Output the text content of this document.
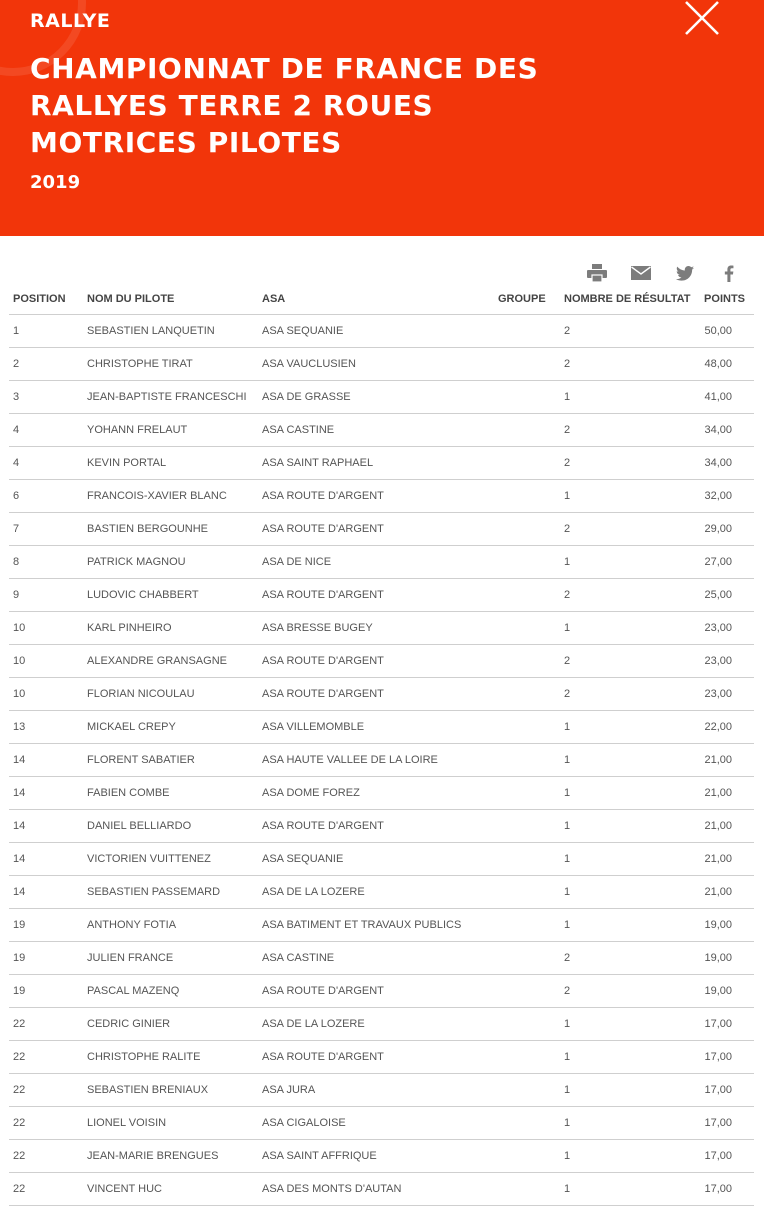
RALLYE
CHAMPIONNAT DE FRANCE DES RALLYES TERRE 2 ROUES MOTRICES PILOTES
2019
POSITION	NOM DU PILOTE	ASA	GROUPE	NOMBRE DE RÉSULTAT	POINTS
1	SEBASTIEN LANQUETIN	ASA SEQUANIE		2	50,00
2	CHRISTOPHE TIRAT	ASA VAUCLUSIEN		2	48,00
3	JEAN-BAPTISTE FRANCESCHI	ASA DE GRASSE		1	41,00
4	YOHANN FRELAUT	ASA CASTINE		2	34,00
4	KEVIN PORTAL	ASA SAINT RAPHAEL		2	34,00
6	FRANCOIS-XAVIER BLANC	ASA ROUTE D'ARGENT		1	32,00
7	BASTIEN BERGOUNHE	ASA ROUTE D'ARGENT		2	29,00
8	PATRICK MAGNOU	ASA DE NICE		1	27,00
9	LUDOVIC CHABBERT	ASA ROUTE D'ARGENT		2	25,00
10	KARL PINHEIRO	ASA BRESSE BUGEY		1	23,00
10	ALEXANDRE GRANSAGNE	ASA ROUTE D'ARGENT		2	23,00
10	FLORIAN NICOULAU	ASA ROUTE D'ARGENT		2	23,00
13	MICKAEL CREPY	ASA VILLEMOMBLE		1	22,00
14	FLORENT SABATIER	ASA HAUTE VALLEE DE LA LOIRE		1	21,00
14	FABIEN COMBE	ASA DOME FOREZ		1	21,00
14	DANIEL BELLIARDO	ASA ROUTE D'ARGENT		1	21,00
14	VICTORIEN VUITTENEZ	ASA SEQUANIE		1	21,00
14	SEBASTIEN PASSEMARD	ASA DE LA LOZERE		1	21,00
19	ANTHONY FOTIA	ASA BATIMENT ET TRAVAUX PUBLICS		1	19,00
19	JULIEN FRANCE	ASA CASTINE		2	19,00
19	PASCAL MAZENQ	ASA ROUTE D'ARGENT		2	19,00
22	CEDRIC GINIER	ASA DE LA LOZERE		1	17,00
22	CHRISTOPHE RALITE	ASA ROUTE D'ARGENT		1	17,00
22	SEBASTIEN BRENIAUX	ASA JURA		1	17,00
22	LIONEL VOISIN	ASA CIGALOISE		1	17,00
22	JEAN-MARIE BRENGUES	ASA SAINT AFFRIQUE		1	17,00
22	VINCENT HUC	ASA DES MONTS D'AUTAN		1	17,00
